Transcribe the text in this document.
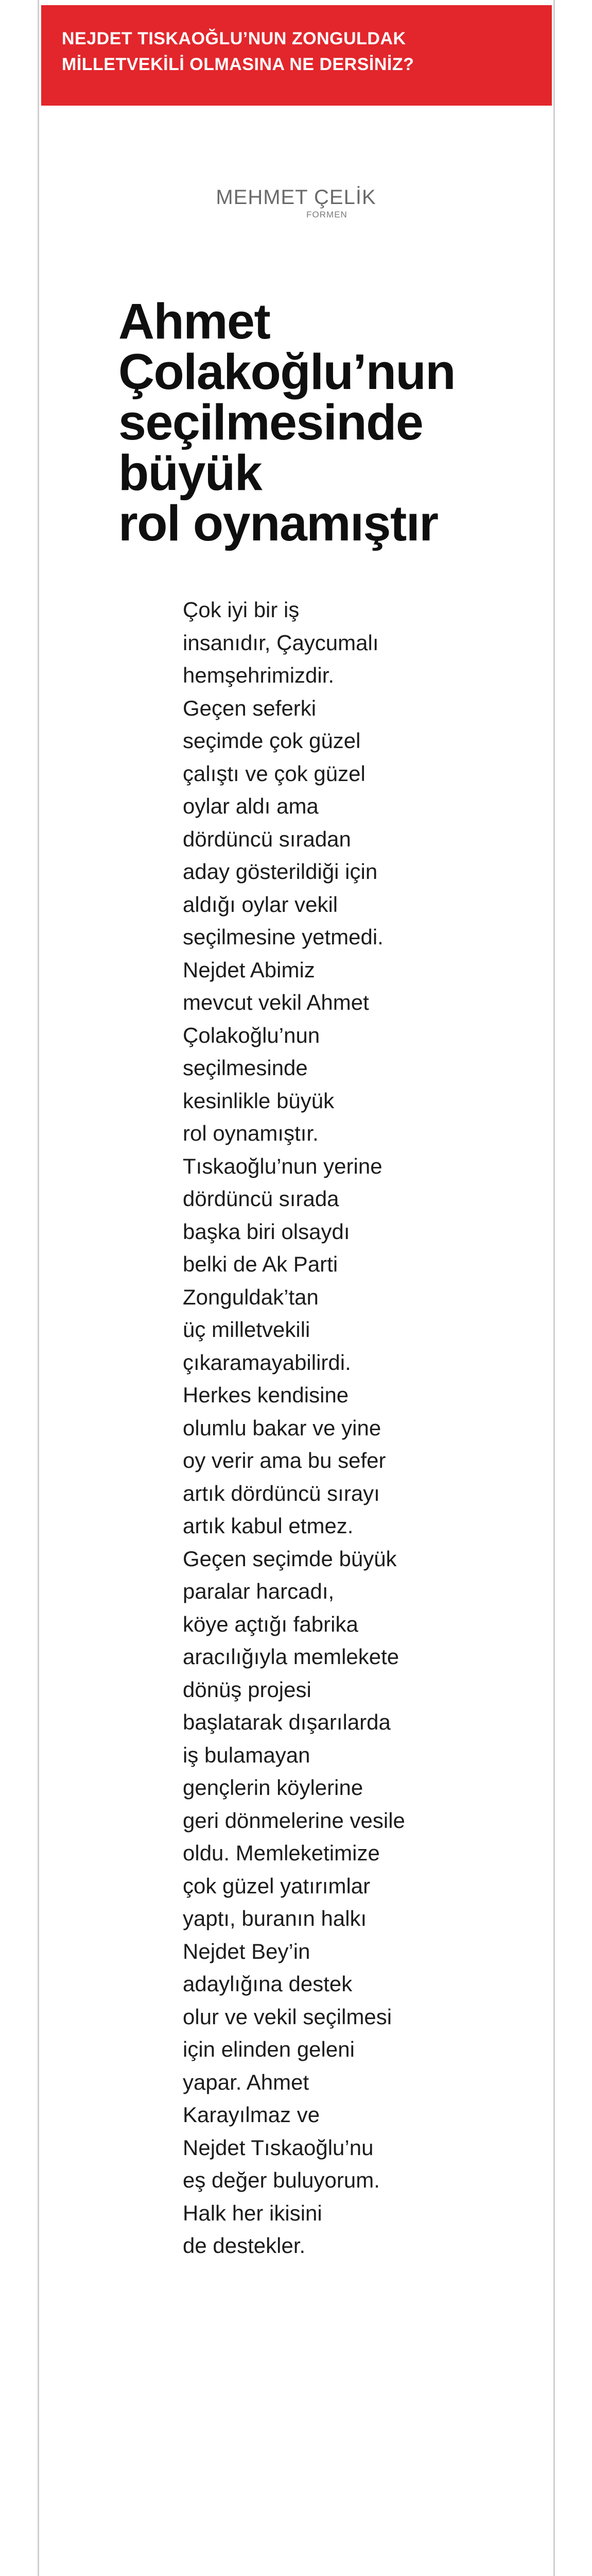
NEJDET TISKAOĞLU’NUN ZONGULDAK
MİLLETVEKİLİ OLMASINA NE DERSİNİZ?

MEHMET ÇELİK
FORMEN
Ahmet
Çolakoğlu’nun
seçilmesinde
büyük
rol oynamıştır

Çok iyi bir iş
insanıdır, Çaycumalı
hemşehrimizdir.
Geçen seferki
seçimde çok güzel
çalıştı ve çok güzel
oylar aldı ama
dördüncü sıradan
aday gösterildiği için
aldığı oylar vekil
seçilmesine yetmedi.
Nejdet Abimiz
mevcut vekil Ahmet
Çolakoğlu’nun
seçilmesinde
kesinlikle büyük
rol oynamıştır.
Tıskaoğlu’nun yerine
dördüncü sırada
başka biri olsaydı
belki de Ak Parti
Zonguldak’tan
üç milletvekili
çıkaramayabilirdi.
Herkes kendisine
olumlu bakar ve yine
oy verir ama bu sefer
artık dördüncü sırayı
artık kabul etmez.
Geçen seçimde büyük
paralar harcadı,
köye açtığı fabrika
aracılığıyla memlekete
dönüş projesi
başlatarak dışarılarda
iş bulamayan
gençlerin köylerine
geri dönmelerine vesile
oldu. Memleketimize
çok güzel yatırımlar
yaptı, buranın halkı
Nejdet Bey’in
adaylığına destek
olur ve vekil seçilmesi
için elinden geleni
yapar. Ahmet
Karayılmaz ve
Nejdet Tıskaoğlu’nu
eş değer buluyorum.
Halk her ikisini
de destekler.
